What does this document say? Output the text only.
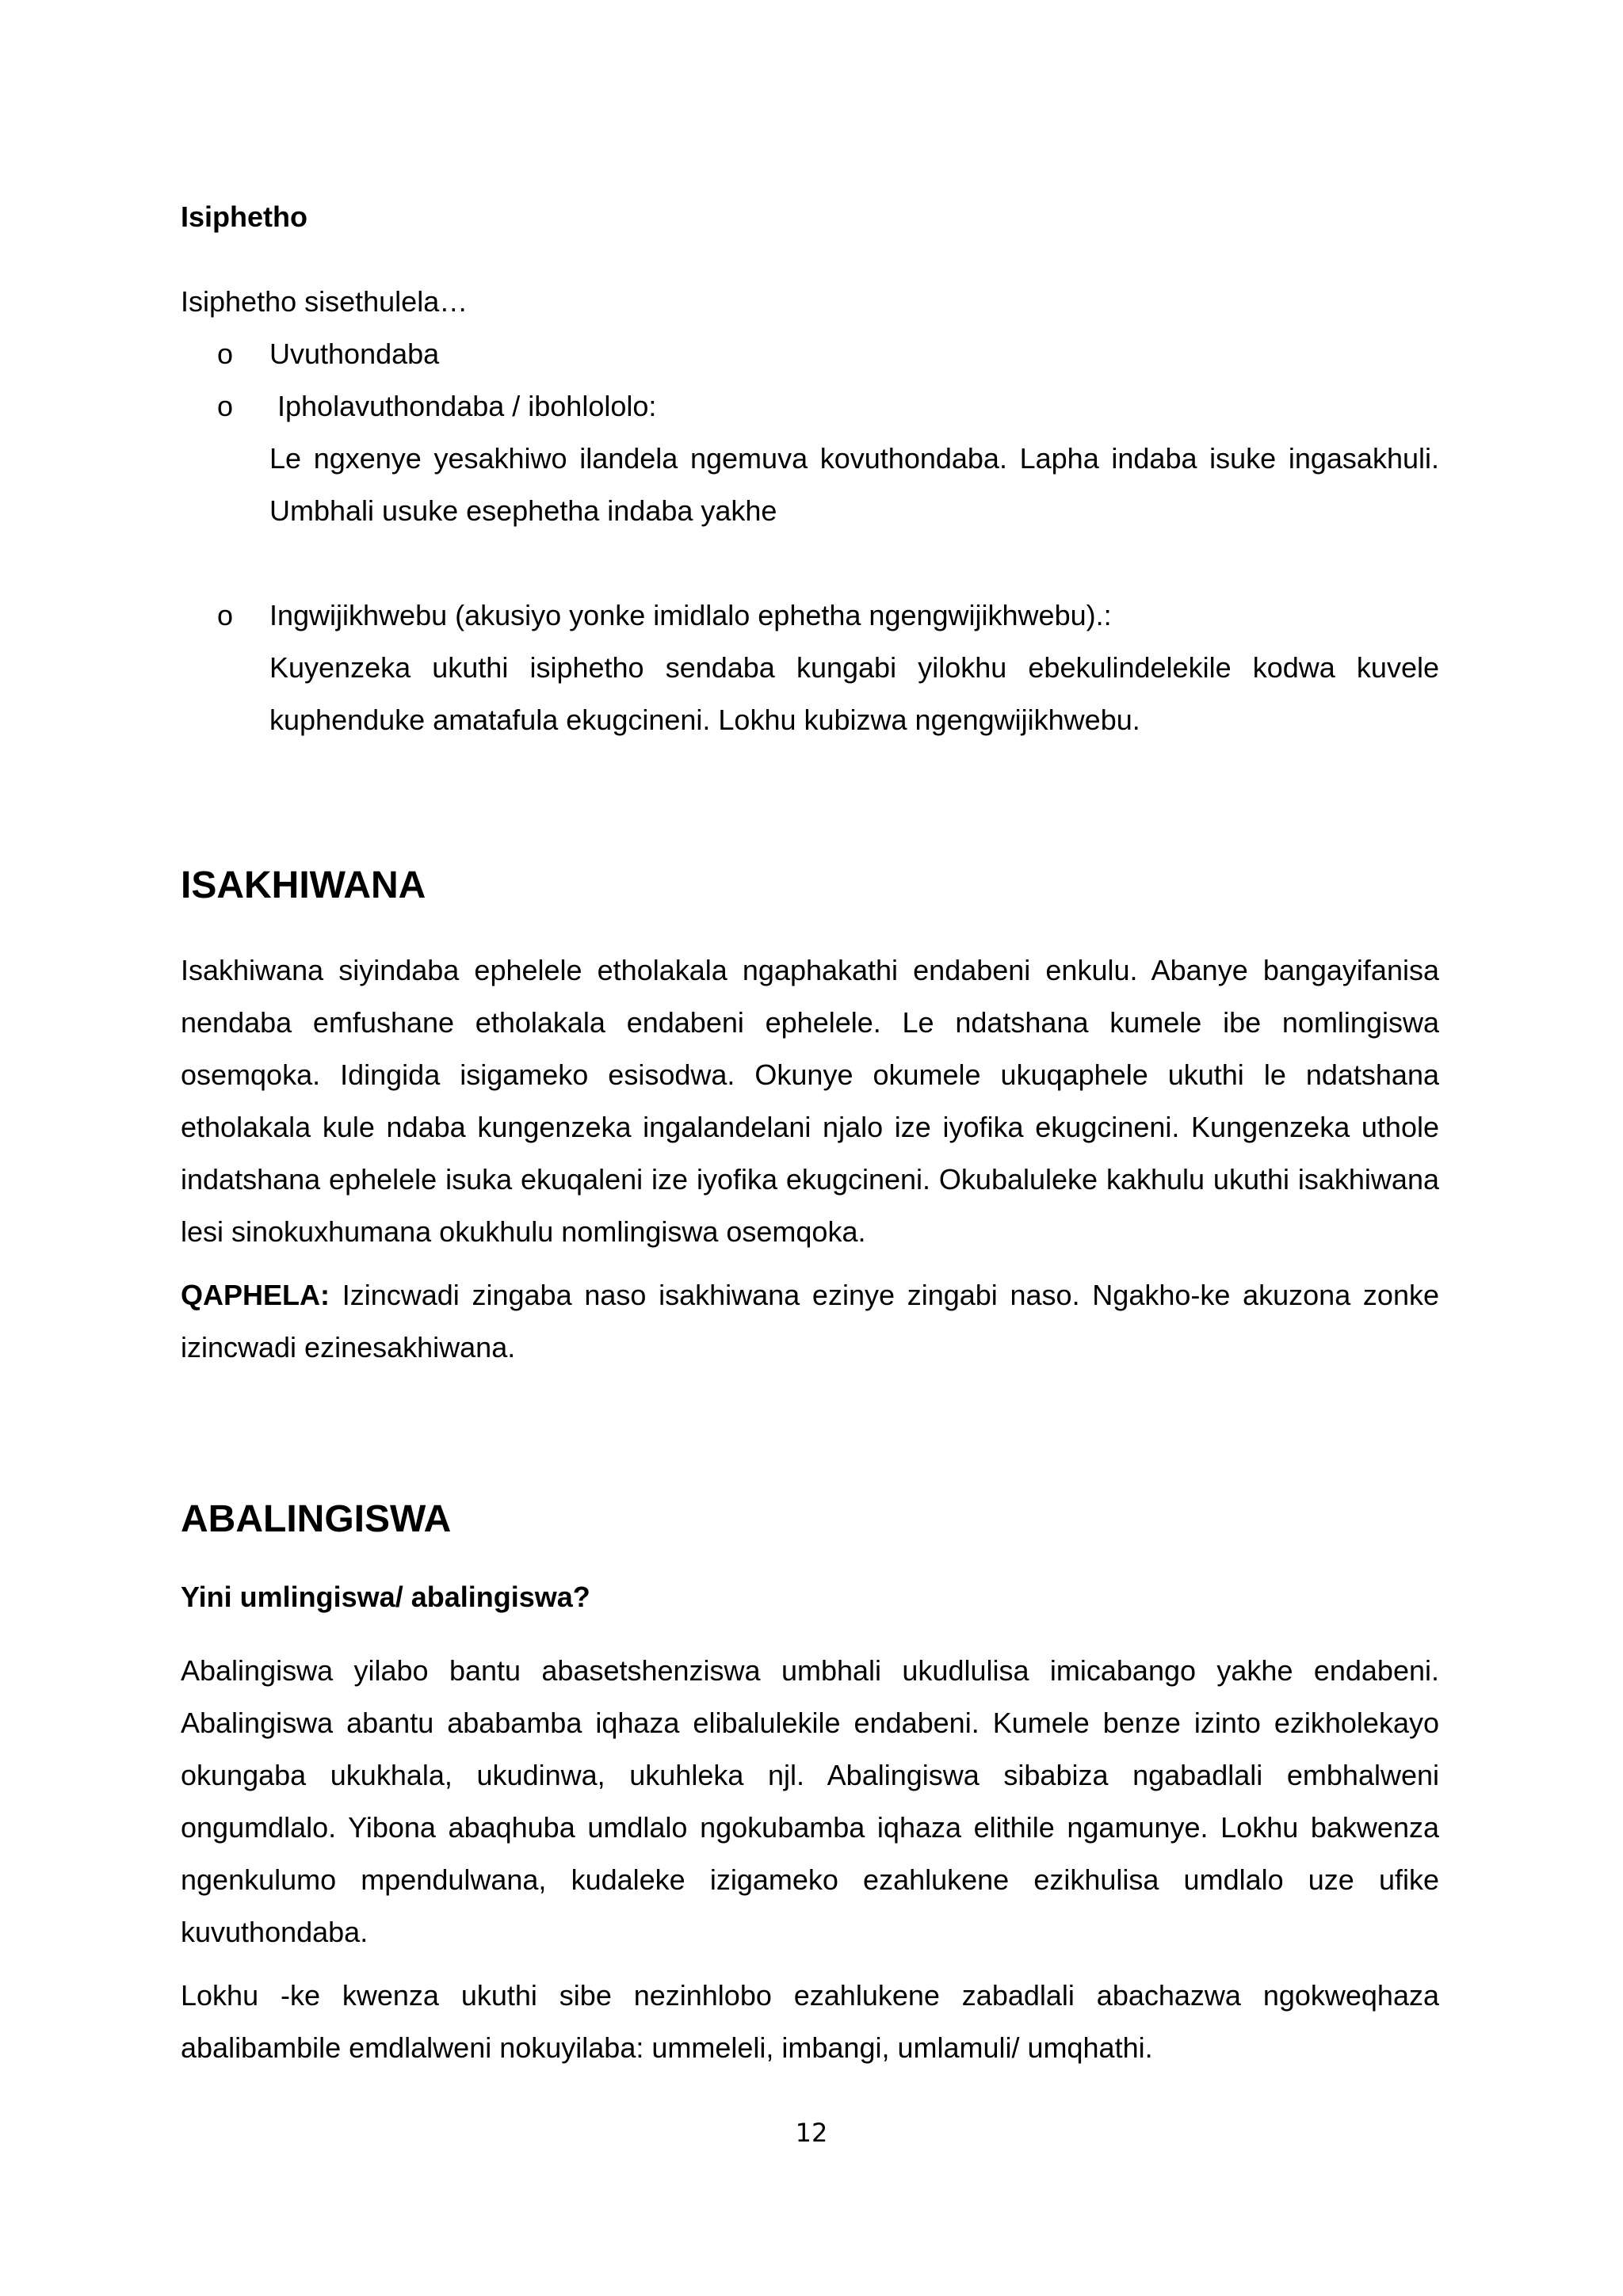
Isiphetho

Isiphetho sisethulela…

o Uvuthondaba
o Ipholavuthondaba / ibohlololo:
Le ngxenye yesakhiwo ilandela ngemuva kovuthondaba. Lapha indaba isuke ingasakhuli. Umbhali usuke esephetha indaba yakhe
o Ingwijikhwebu (akusiyo yonke imidlalo ephetha ngengwijikhwebu).:
Kuyenzeka ukuthi isiphetho sendaba kungabi yilokhu ebekulindelekile kodwa kuvele kuphenduke amatafula ekugcineni. Lokhu kubizwa ngengwijikhwebu.

ISAKHIWANA

Isakhiwana siyindaba ephelele etholakala ngaphakathi endabeni enkulu. Abanye bangayifanisa nendaba emfushane etholakala endabeni ephelele. Le ndatshana kumele ibe nomlingiswa osemqoka. Idingida isigameko esisodwa. Okunye okumele ukuqaphele ukuthi le ndatshana etholakala kule ndaba kungenzeka ingalandelani njalo ize iyofika ekugcineni. Kungenzeka uthole indatshana ephelele isuka ekuqaleni ize iyofika ekugcineni. Okubaluleke kakhulu ukuthi isakhiwana lesi sinokuxhumana okukhulu nomlingiswa osemqoka.

QAPHELA: Izincwadi zingaba naso isakhiwana ezinye zingabi naso. Ngakho-ke akuzona zonke izincwadi ezinesakhiwana.

ABALINGISWA

Yini umlingiswa/ abalingiswa?

Abalingiswa yilabo bantu abasetshenziswa umbhali ukudlulisa imicabango yakhe endabeni. Abalingiswa abantu ababamba iqhaza elibalulekile endabeni. Kumele benze izinto ezikholekayo okungaba ukukhala, ukudinwa, ukuhleka njl. Abalingiswa sibabiza ngabadlali embhalweni ongumdlalo. Yibona abaqhuba umdlalo ngokubamba iqhaza elithile ngamunye. Lokhu bakwenza ngenkulumo mpendulwana, kudaleke izigameko ezahlukene ezikhulisa umdlalo uze ufike kuvuthondaba.

Lokhu -ke kwenza ukuthi sibe nezinhlobo ezahlukene zabadlali abachazwa ngokweqhaza abalibambile emdlalweni nokuyilaba: ummeleli, imbangi, umlamuli/ umqhathi.

12
